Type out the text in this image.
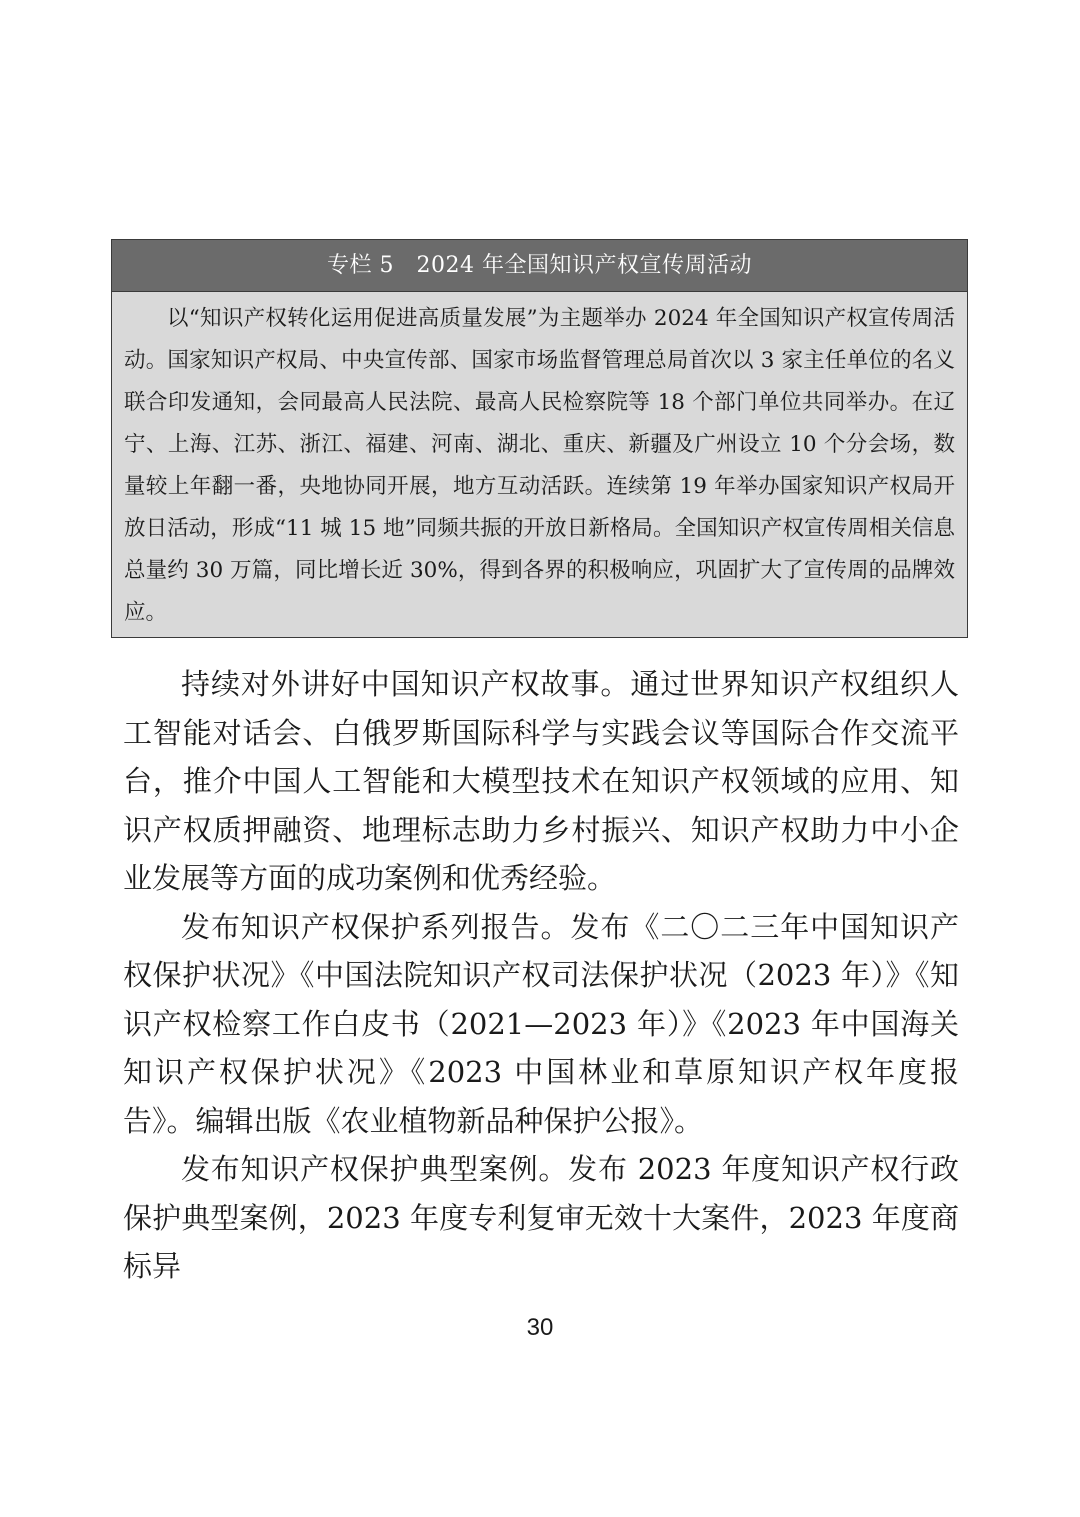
专栏 5　2024 年全国知识产权宣传周活动
以“知识产权转化运用促进高质量发展”为主题举办 2024 年全国知识产权宣传周活动。国家知识产权局、中央宣传部、国家市场监督管理总局首次以 3 家主任单位的名义联合印发通知，会同最高人民法院、最高人民检察院等 18 个部门单位共同举办。在辽宁、上海、江苏、浙江、福建、河南、湖北、重庆、新疆及广州设立 10 个分会场，数量较上年翻一番，央地协同开展，地方互动活跃。连续第 19 年举办国家知识产权局开放日活动，形成“11 城 15 地”同频共振的开放日新格局。全国知识产权宣传周相关信息总量约 30 万篇，同比增长近 30%，得到各界的积极响应，巩固扩大了宣传周的品牌效应。

持续对外讲好中国知识产权故事。通过世界知识产权组织人工智能对话会、白俄罗斯国际科学与实践会议等国际合作交流平台，推介中国人工智能和大模型技术在知识产权领域的应用、知识产权质押融资、地理标志助力乡村振兴、知识产权助力中小企业发展等方面的成功案例和优秀经验。

发布知识产权保护系列报告。发布《二〇二三年中国知识产权保护状况》《中国法院知识产权司法保护状况（2023 年）》《知识产权检察工作白皮书（2021—2023 年）》《2023 年中国海关知识产权保护状况》《2023 中国林业和草原知识产权年度报告》。编辑出版《农业植物新品种保护公报》。

发布知识产权保护典型案例。发布 2023 年度知识产权行政保护典型案例，2023 年度专利复审无效十大案件，2023 年度商标异

30
